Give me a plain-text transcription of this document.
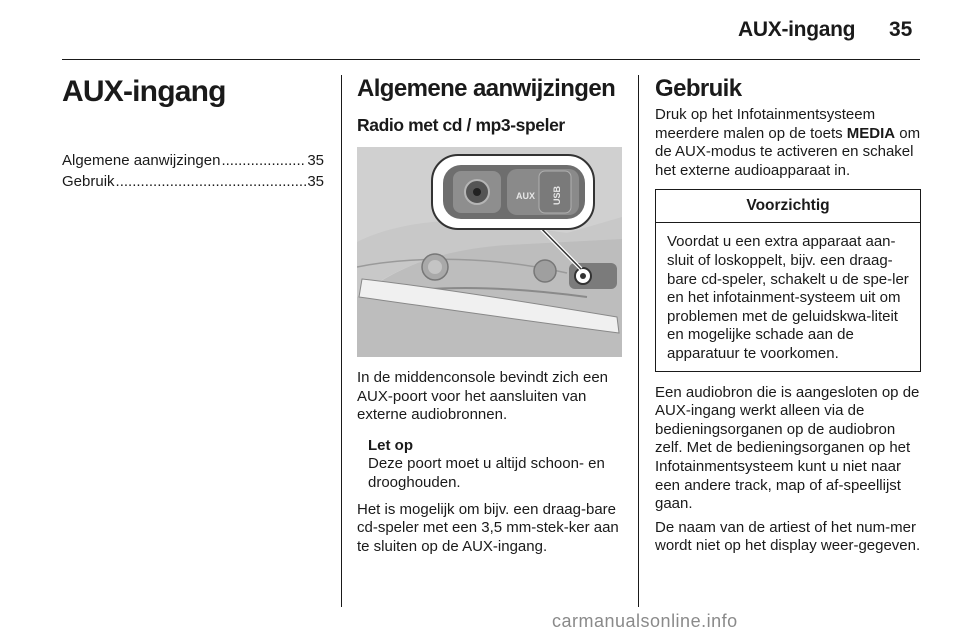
AUX-ingang 35
AUX-ingang
Algemene aanwijzingen .....	35
Gebruik .....	35
Algemene aanwijzingen
Radio met cd / mp3-speler
AUX USB

In de middenconsole bevindt zich een AUX-poort voor het aansluiten van externe audiobronnen.

Let op

Deze poort moet u altijd schoon- en drooghouden.

Het is mogelijk om bijv. een draag-bare cd-speler met een 3,5 mm-stek-ker aan te sluiten op de AUX-ingang.

Gebruik

Druk op het Infotainmentsysteem meerdere malen op de toets MEDIA om de AUX-modus te activeren en schakel het externe audioapparaat in.

Voorzichtig
Voordat u een extra apparaat aan-sluit of loskoppelt, bijv. een draag-bare cd-speler, schakelt u de spe-ler en het infotainment-systeem uit om problemen met de geluidskwa-liteit en mogelijke schade aan de apparatuur te voorkomen.

Een audiobron die is aangesloten op de AUX-ingang werkt alleen via de bedieningsorganen op de audiobron zelf. Met de bedieningsorganen op het Infotainmentsysteem kunt u niet naar een andere track, map of af-speellijst gaan.

De naam van de artiest of het num-mer wordt niet op het display weer-gegeven.

carmanualsonline.info
